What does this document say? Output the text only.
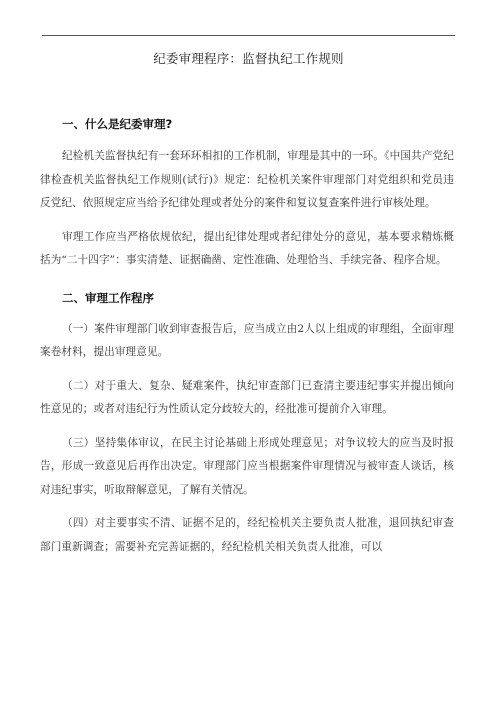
纪委审理程序：监督执纪工作规则
一、什么是纪委审理?

纪检机关监督执纪有一套环环相扣的工作机制，审理是其中的一环。《中国共产党纪律检查机关监督执纪工作规则(试行)》规定：纪检机关案件审理部门对党组织和党员违反党纪、依照规定应当给予纪律处理或者处分的案件和复议复查案件进行审核处理。

审理工作应当严格依规依纪，提出纪律处理或者纪律处分的意见，基本要求精炼概括为“二十四字”：事实清楚、证据确凿、定性准确、处理恰当、手续完备、程序合规。

二、审理工作程序

（一）案件审理部门收到审查报告后，应当成立由2人以上组成的审理组，全面审理案卷材料，提出审理意见。

（二）对于重大、复杂、疑难案件，执纪审查部门已查清主要违纪事实并提出倾向性意见的；或者对违纪行为性质认定分歧较大的，经批准可提前介入审理。

（三）坚持集体审议，在民主讨论基础上形成处理意见；对争议较大的应当及时报告，形成一致意见后再作出决定。审理部门应当根据案件审理情况与被审查人谈话，核对违纪事实，听取辩解意见，了解有关情况。

（四）对主要事实不清、证据不足的，经纪检机关主要负责人批准，退回执纪审查部门重新调查；需要补充完善证据的，经纪检机关相关负责人批准，可以
